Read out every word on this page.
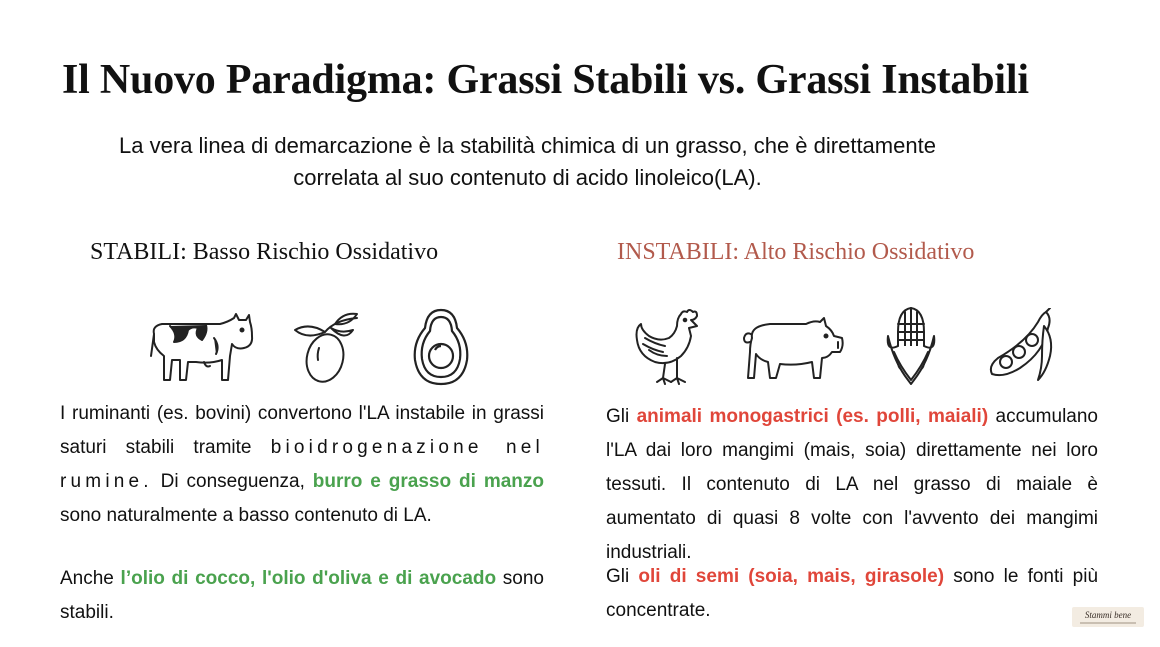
Il Nuovo Paradigma: Grassi Stabili vs. Grassi Instabili
La vera linea di demarcazione è la stabilità chimica di un grasso, che è direttamente
correlata al suo contenuto di acido linoleico(LA).
STABILI: Basso Rischio Ossidativo	INSTABILI: Alto Rischio Ossidativo
I ruminanti (es. bovini) convertono l'LA instabile in grassi saturi stabili tramite bioidrogenazione nel rumine. Di conseguenza, burro e grasso di manzo sono naturalmente a basso contenuto di LA.
Anche l’olio di cocco, l'olio d'oliva e di avocado sono stabili.
Gli animali monogastrici (es. polli, maiali) accumulano l'LA dai loro mangimi (mais, soia) direttamente nei loro tessuti. Il contenuto di LA nel grasso di maiale è aumentato di quasi 8 volte con l'avvento dei mangimi industriali.
Gli oli di semi (soia, mais, girasole) sono le fonti più concentrate.	Stammi bene
